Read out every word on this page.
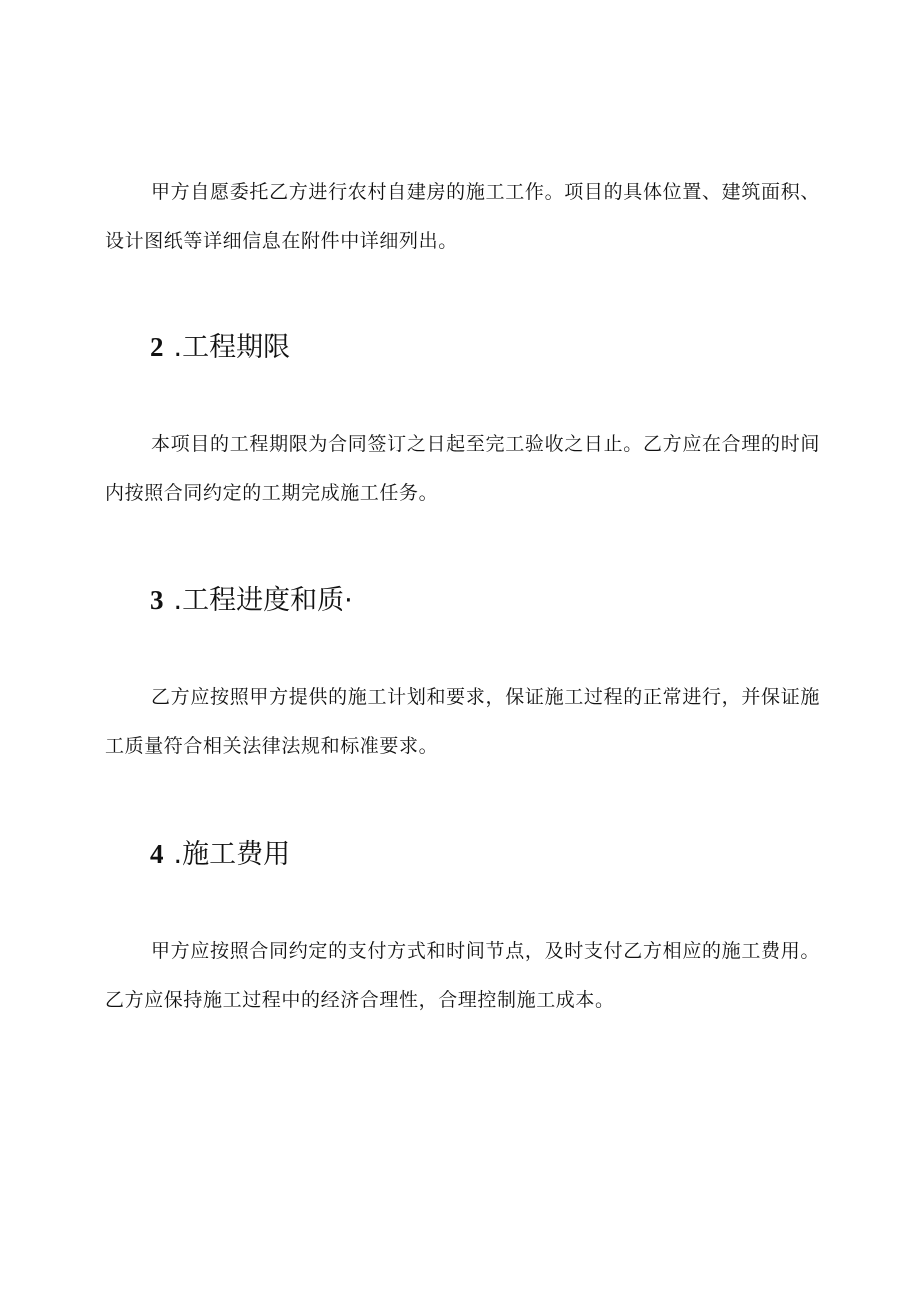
甲方自愿委托乙方进行农村自建房的施工工作。项目的具体位置、建筑面积、设计图纸等详细信息在附件中详细列出。

2 .工程期限

本项目的工程期限为合同签订之日起至完工验收之日止。乙方应在合理的时间内按照合同约定的工期完成施工任务。

3 .工程进度和质·

乙方应按照甲方提供的施工计划和要求，保证施工过程的正常进行，并保证施工质量符合相关法律法规和标准要求。

4 .施工费用

甲方应按照合同约定的支付方式和时间节点，及时支付乙方相应的施工费用。乙方应保持施工过程中的经济合理性，合理控制施工成本。
